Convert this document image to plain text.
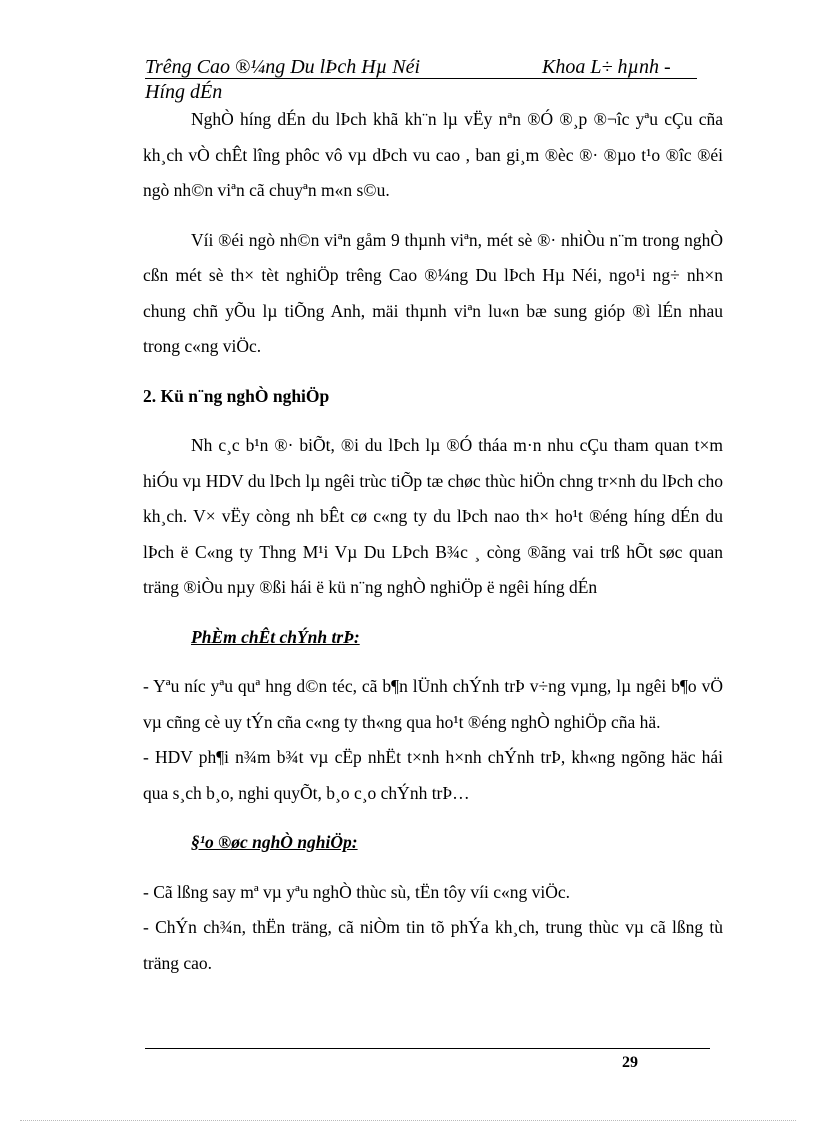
Trêng Cao ®¼ng Du lÞch Hµ Néi	Khoa L÷ hµnh -
Híng dÉn

NghÒ híng dÉn du lÞch khã kh¨n lµ vËy nªn ®Ó ®¸p ®¬îc yªu cÇu cña kh¸ch vÒ chÊt lîng phôc vô vµ dÞch vu cao , ban gi¸m ®èc ®· ®µo t¹o ®îc ®éi ngò nh©n viªn cã chuyªn m«n s©u.

Víi ®éi ngò nh©n viªn gåm 9 thµnh viªn, mét sè ®· nhiÒu n¨m trong nghÒ cßn mét sè th× tèt nghiÖp trêng Cao ®¼ng Du lÞch Hµ Néi, ngo¹i ng÷ nh×n chung chñ yÕu lµ tiÕng Anh, mäi thµnh viªn lu«n bæ sung gióp ®ì lÉn nhau trong c«ng viÖc.

2. Kü n¨ng nghÒ nghiÖp

Nh c¸c b¹n ®· biÕt, ®i du lÞch lµ ®Ó tháa m·n nhu cÇu tham quan t×m hiÓu vµ HDV du lÞch lµ ngêi trùc tiÕp tæ chøc thùc hiÖn chng tr×nh du lÞch cho kh¸ch. V× vËy còng nh bÊt cø c«ng ty du lÞch nao th× ho¹t ®éng híng dÉn du lÞch ë C«ng ty Thng M¹i Vµ Du LÞch B¾c ¸ còng ®ãng vai trß hÕt søc quan träng ®iÒu nµy ®ßi hái ë kü n¨ng nghÒ nghiÖp ë ngêi híng dÉn

PhÈm chÊt chÝnh trÞ:

- Yªu níc yªu quª hng d©n téc, cã b¶n lÜnh chÝnh trÞ v÷ng vµng, lµ ngêi b¶o vÖ vµ cñng cè uy tÝn cña c«ng ty th«ng qua ho¹t ®éng nghÒ nghiÖp cña hä.

- HDV ph¶i n¾m b¾t vµ cËp nhËt t×nh h×nh chÝnh trÞ, kh«ng ngõng häc hái qua s¸ch b¸o, nghi quyÕt, b¸o c¸o chÝnh trÞ…

§¹o ®øc nghÒ nghiÖp:

- Cã lßng say mª vµ yªu nghÒ thùc sù, tËn tôy víi c«ng viÖc.

- ChÝn ch¾n, thËn träng, cã niÒm tin tõ phÝa kh¸ch, trung thùc vµ cã lßng tù träng cao.

29
